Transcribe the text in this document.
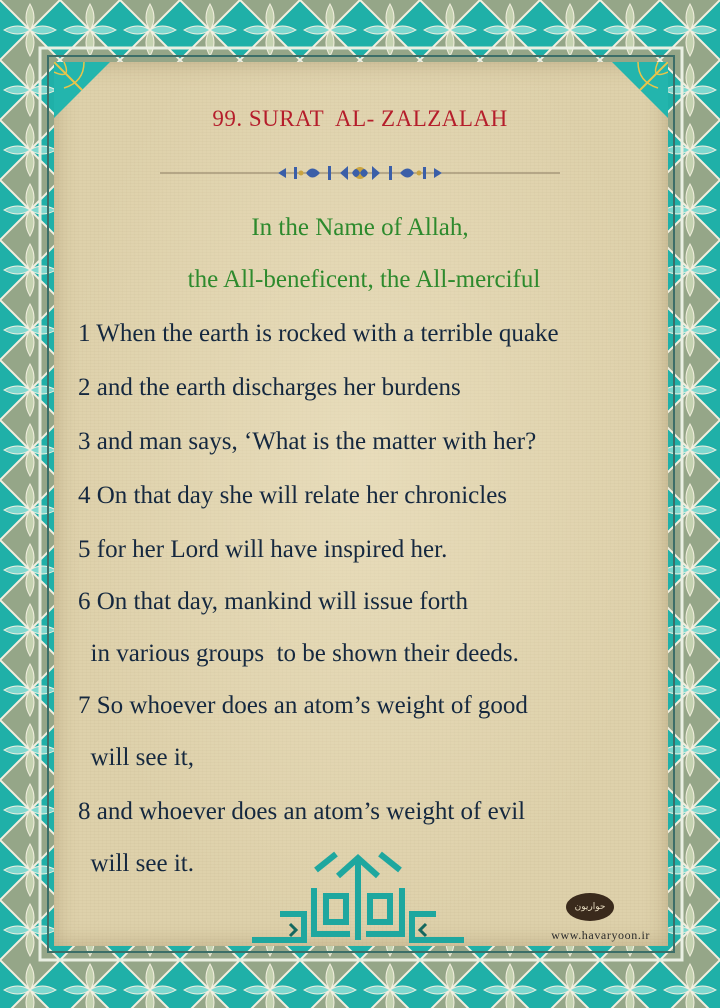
99. SURAT  AL- ZALZALAH
In the Name of Allah,
the All-beneficent, the All-merciful
1 When the earth is rocked with a terrible quake
2 and the earth discharges her burdens
3 and man says, ‘What is the matter with her?
4 On that day she will relate her chronicles
5 for her Lord will have inspired her.
6 On that day, mankind will issue forth
in various groups  to be shown their deeds.
7 So whoever does an atom’s weight of good
will see it,
8 and whoever does an atom’s weight of evil
will see it.
حواریون
www.havaryoon.ir
